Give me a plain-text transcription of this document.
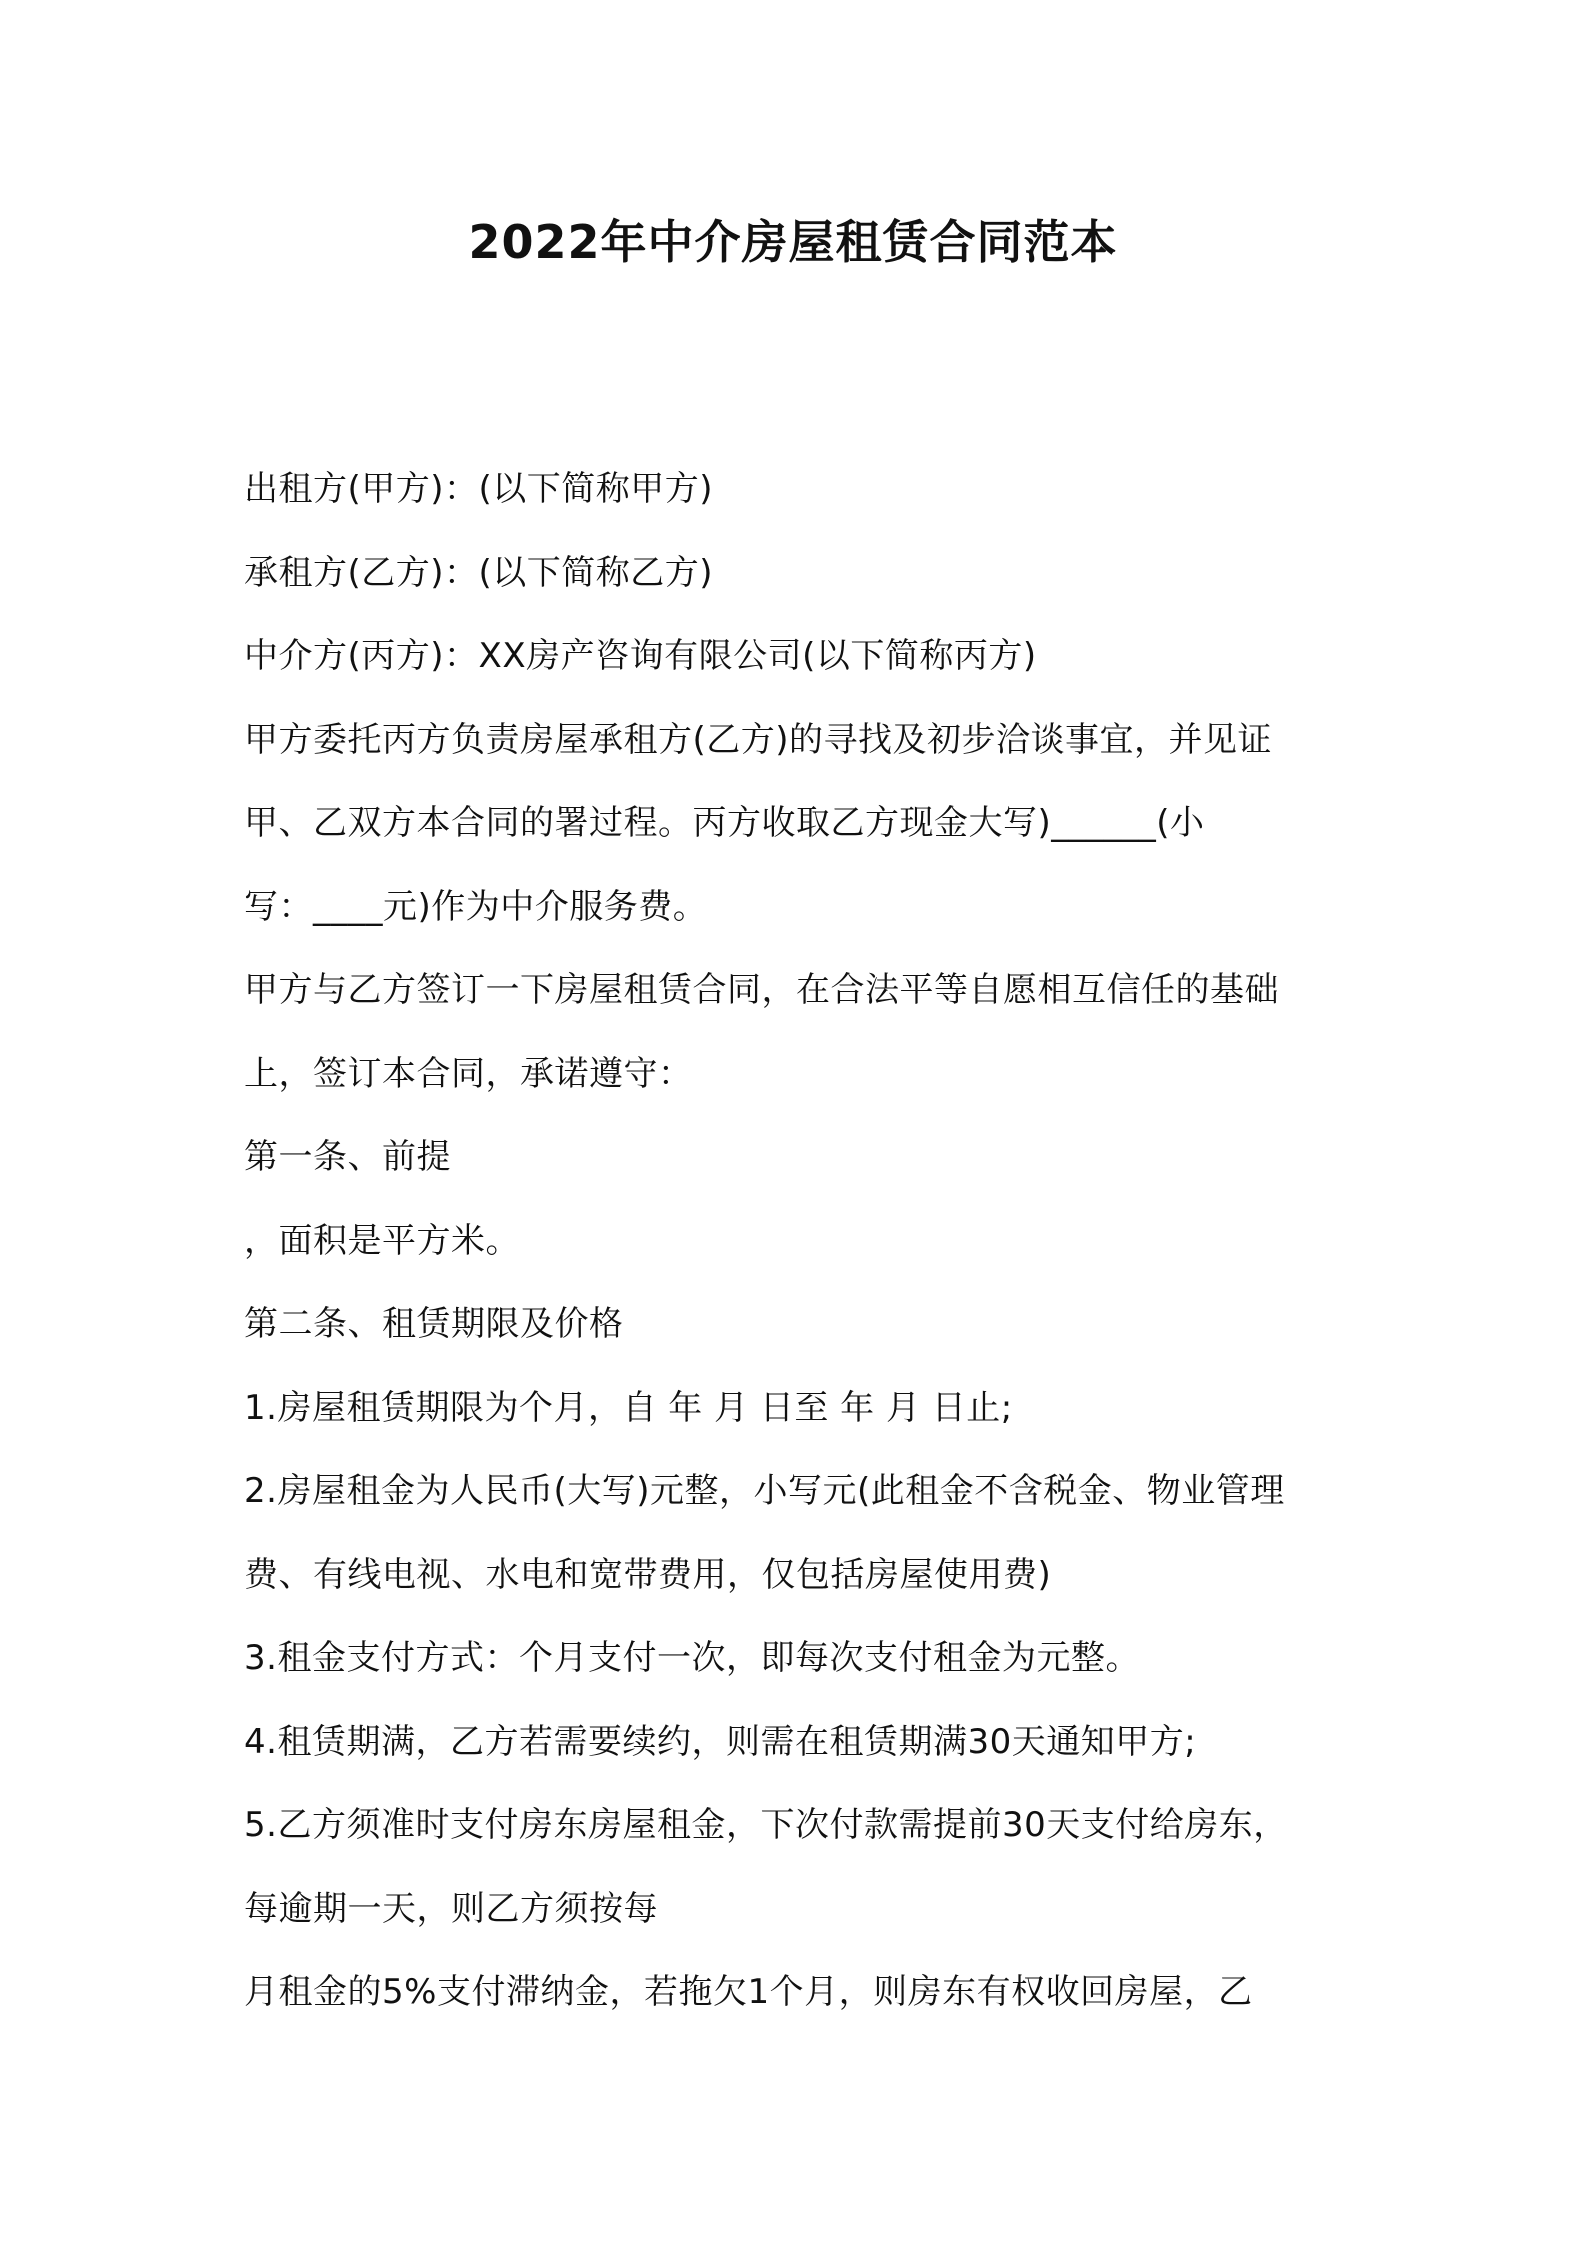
2022年中介房屋租赁合同范本
出租方(甲方)：(以下简称甲方)
承租方(乙方)：(以下简称乙方)
中介方(丙方)：XX房产咨询有限公司(以下简称丙方)
甲方委托丙方负责房屋承租方(乙方)的寻找及初步洽谈事宜，并见证
甲、乙双方本合同的署过程。丙方收取乙方现金大写)______(小
写：____元)作为中介服务费。
甲方与乙方签订一下房屋租赁合同，在合法平等自愿相互信任的基础
上，签订本合同，承诺遵守：
第一条、前提
，面积是平方米。
第二条、租赁期限及价格
1.房屋租赁期限为个月，自 年 月 日至 年 月 日止;
2.房屋租金为人民币(大写)元整，小写元(此租金不含税金、物业管理
费、有线电视、水电和宽带费用，仅包括房屋使用费)
3.租金支付方式：个月支付一次，即每次支付租金为元整。
4.租赁期满，乙方若需要续约，则需在租赁期满30天通知甲方;
5.乙方须准时支付房东房屋租金，下次付款需提前30天支付给房东，
每逾期一天，则乙方须按每
月租金的5%支付滞纳金，若拖欠1个月，则房东有权收回房屋，乙
